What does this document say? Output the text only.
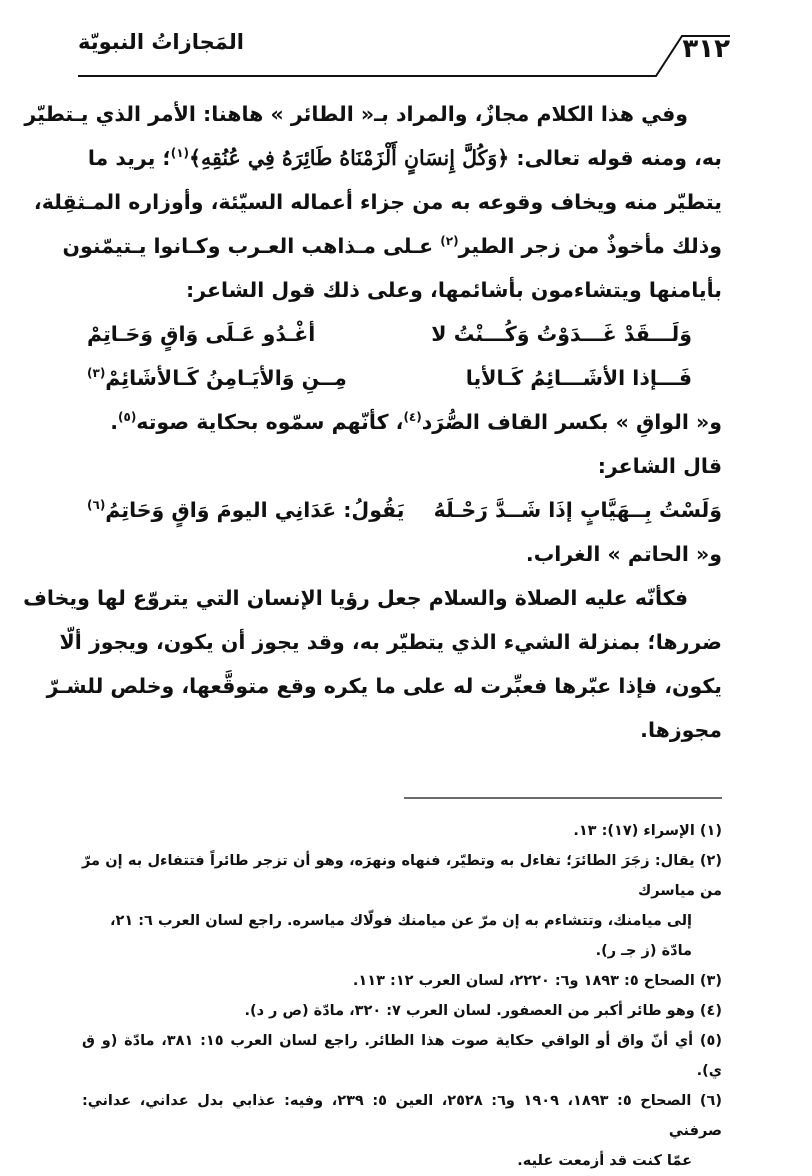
٣١٢
المَجازاتُ النبويّة
وفي هذا الكلام مجازٌ، والمراد بـ« الطائر » هاهنا: الأمر الذي يـتطيّر
به، ومنه قوله تعالى: ﴿وَكُلَّ إِنسَانٍ أَلْزَمْنَاهُ طَائِرَهُ فِي عُنُقِهِ﴾$^{(١)}$؛ يريد ما
يتطيّر منه ويخاف وقوعه به من جزاء أعماله السيّئة، وأوزاره المـثقِلة،
وذلك مأخوذٌ من زجر الطير$^{(٢)}$ عـلى مـذاهب العـرب وكـانوا يـتيمّنون
بأيامنها ويتشاءمون بأشائمها، وعلى ذلك قول الشاعر:
وَلَـــقَدْ غَـــدَوْتُ وَكُـــنْتُ لا
أغْـدُو عَـلَى وَاقٍ وَحَـاتِمْ
فَـــإذا الأشَـــائِمُ كَـالأيا
مِــنِ وَالأيَـامِنُ كَـالأشَائِمْ$^{(٣)}$
و« الواقِ » بكسر القاف الصُّرَد$^{(٤)}$، كأنّهم سمّوه بحكاية صوته$^{(٥)}$.
قال الشاعر:
وَلَسْتُ بِــهَيَّابٍ إذَا شَــدَّ رَحْـلَهُ
يَقُولُ: عَدَانِي اليومَ وَاقٍ وَحَاتِمُ$^{(٦)}$
و« الحاتم » الغراب.
فكأنّه عليه الصلاة والسلام جعل رؤيا الإنسان التي يتروّع لها ويخاف
ضررها؛ بمنزلة الشيء الذي يتطيّر به، وقد يجوز أن يكون، ويجوز ألّا
يكون، فإذا عبّرها فعبِّرت له على ما يكره وقع متوقَّعها، وخلص للشـرّ
مجوزها.

(١) الإسراء (١٧): ١٣.

(٢) يقال: زجَرَ الطائرَ؛ تفاءل به وتطيّر، فنهاه ونهرَه، وهو أن تزجر طائراً فتتفاءل به إن مرّ من مياسرك

إلى ميامنك، وتتشاءم به إن مرّ عن ميامنك فولّاك مياسره. راجع لسان العرب ٦: ٢١، مادّة (ز جـ ر).

(٣) الصحاح ٥: ١٨٩٣ و٦: ٢٢٢٠، لسان العرب ١٢: ١١٣.

(٤) وهو طائر أكبر من العصفور. لسان العرب ٧: ٣٢٠، مادّة (ص ر د).

(٥) أي أنّ واق أو الواقي حكاية صوت هذا الطائر. راجع لسان العرب ١٥: ٣٨١، مادّة (و ق ي).

(٦) الصحاح ٥: ١٨٩٣، ١٩٠٩ و٦: ٢٥٢٨، العين ٥: ٢٣٩، وفيه: عذابي بدل عداني، عداني: صرفني

عمّا كنت قد أزمعت عليه.
